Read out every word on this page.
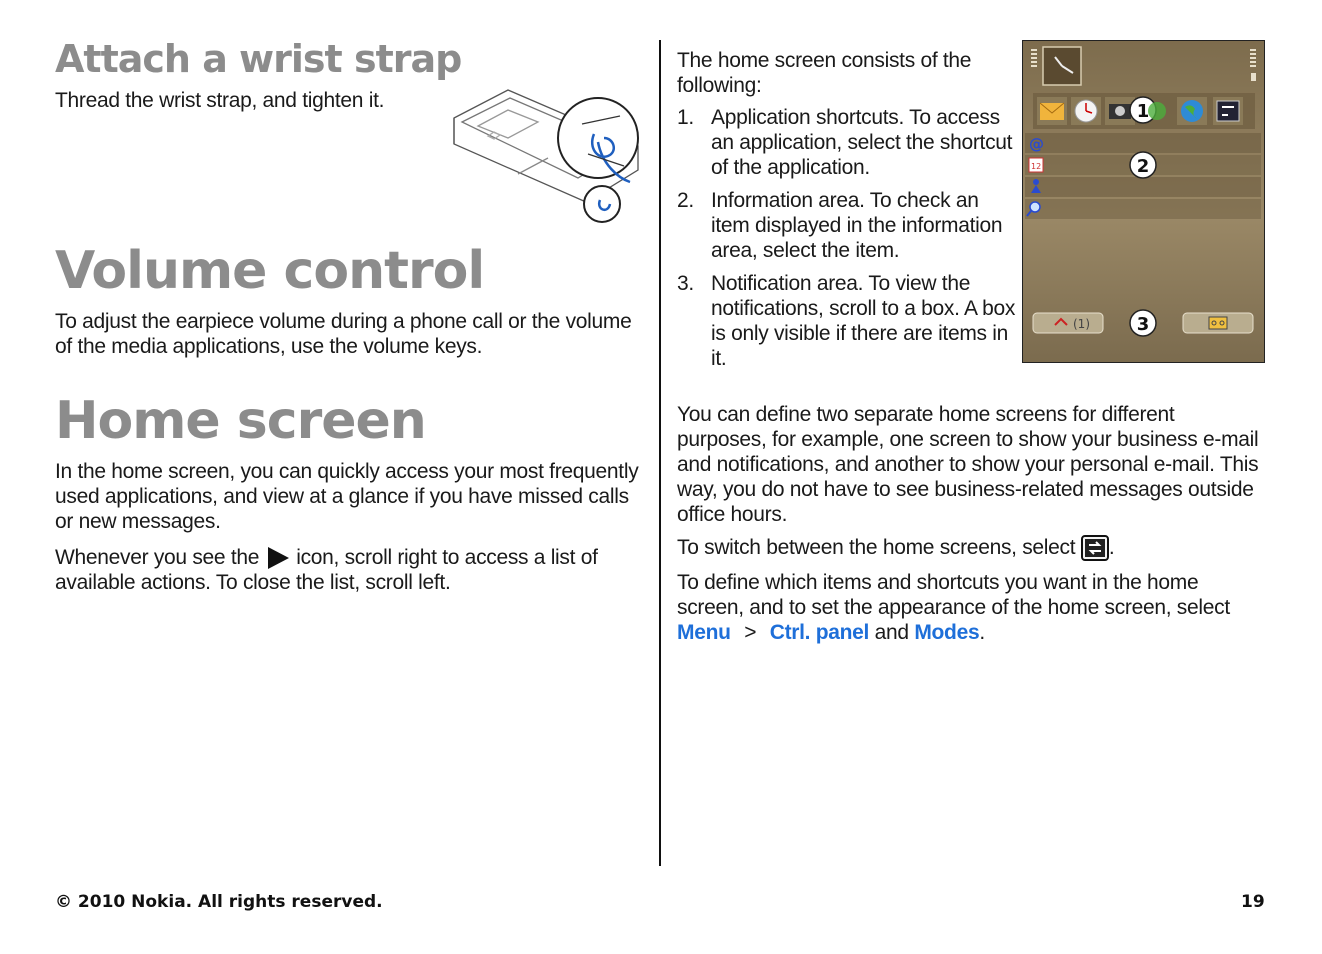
Attach a wrist strap

Thread the wrist strap, and tighten it.

Volume control

To adjust the earpiece volume during a phone call or the volume of the media applications, use the volume keys.

Home screen

In the home screen, you can quickly access your most frequently used applications, and view at a glance if you have missed calls or new messages.

Whenever you see the icon, scroll right to access a list of available actions. To close the list, scroll left.

The home screen consists of the following:

1. Application shortcuts. To access an application, select the shortcut of the application.
2. Information area. To check an item displayed in the information area, select the item.
3. Notification area. To view the notifications, scroll to a box. A box is only visible if there are items in it.
1
@
12	2
(1)	3

You can define two separate home screens for different purposes, for example, one screen to show your business e-mail and notifications, and another to show your personal e-mail. This way, you do not have to see business-related messages outside office hours.

To switch between the home screens, select .

To define which items and shortcuts you want in the home screen, and to set the appearance of the home screen, select Menu > Ctrl. panel and Modes.

© 2010 Nokia. All rights reserved.	19
